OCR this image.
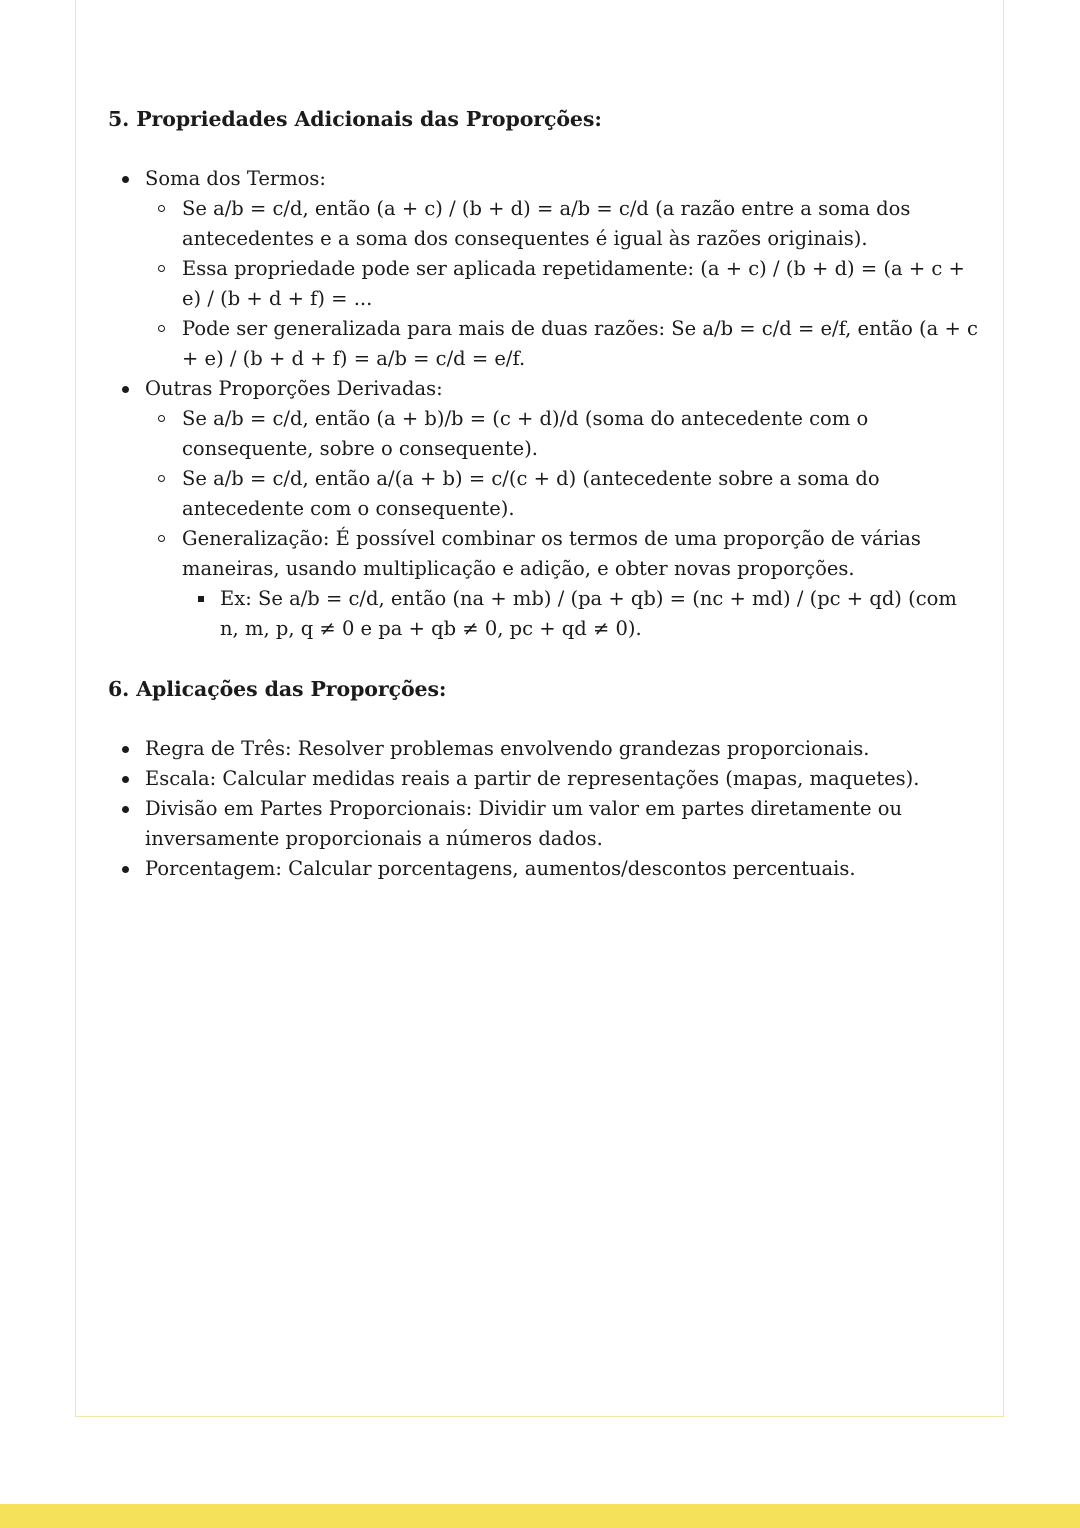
5. Propriedades Adicionais das Proporções:
Soma dos Termos:
Se a/b = c/d, então (a + c) / (b + d) = a/b = c/d (a razão entre a soma dos antecedentes e a soma dos consequentes é igual às razões originais).
Essa propriedade pode ser aplicada repetidamente: (a + c) / (b + d) = (a + c + e) / (b + d + f) = ...
Pode ser generalizada para mais de duas razões: Se a/b = c/d = e/f, então (a + c + e) / (b + d + f) = a/b = c/d = e/f.
Outras Proporções Derivadas:
Se a/b = c/d, então (a + b)/b = (c + d)/d (soma do antecedente com o consequente, sobre o consequente).
Se a/b = c/d, então a/(a + b) = c/(c + d) (antecedente sobre a soma do antecedente com o consequente).
Generalização: É possível combinar os termos de uma proporção de várias maneiras, usando multiplicação e adição, e obter novas proporções.
Ex: Se a/b = c/d, então (na + mb) / (pa + qb) = (nc + md) / (pc + qd) (com n, m, p, q ≠ 0 e pa + qb ≠ 0, pc + qd ≠ 0).
6. Aplicações das Proporções:
Regra de Três: Resolver problemas envolvendo grandezas proporcionais.
Escala: Calcular medidas reais a partir de representações (mapas, maquetes).
Divisão em Partes Proporcionais: Dividir um valor em partes diretamente ou inversamente proporcionais a números dados.
Porcentagem: Calcular porcentagens, aumentos/descontos percentuais.
